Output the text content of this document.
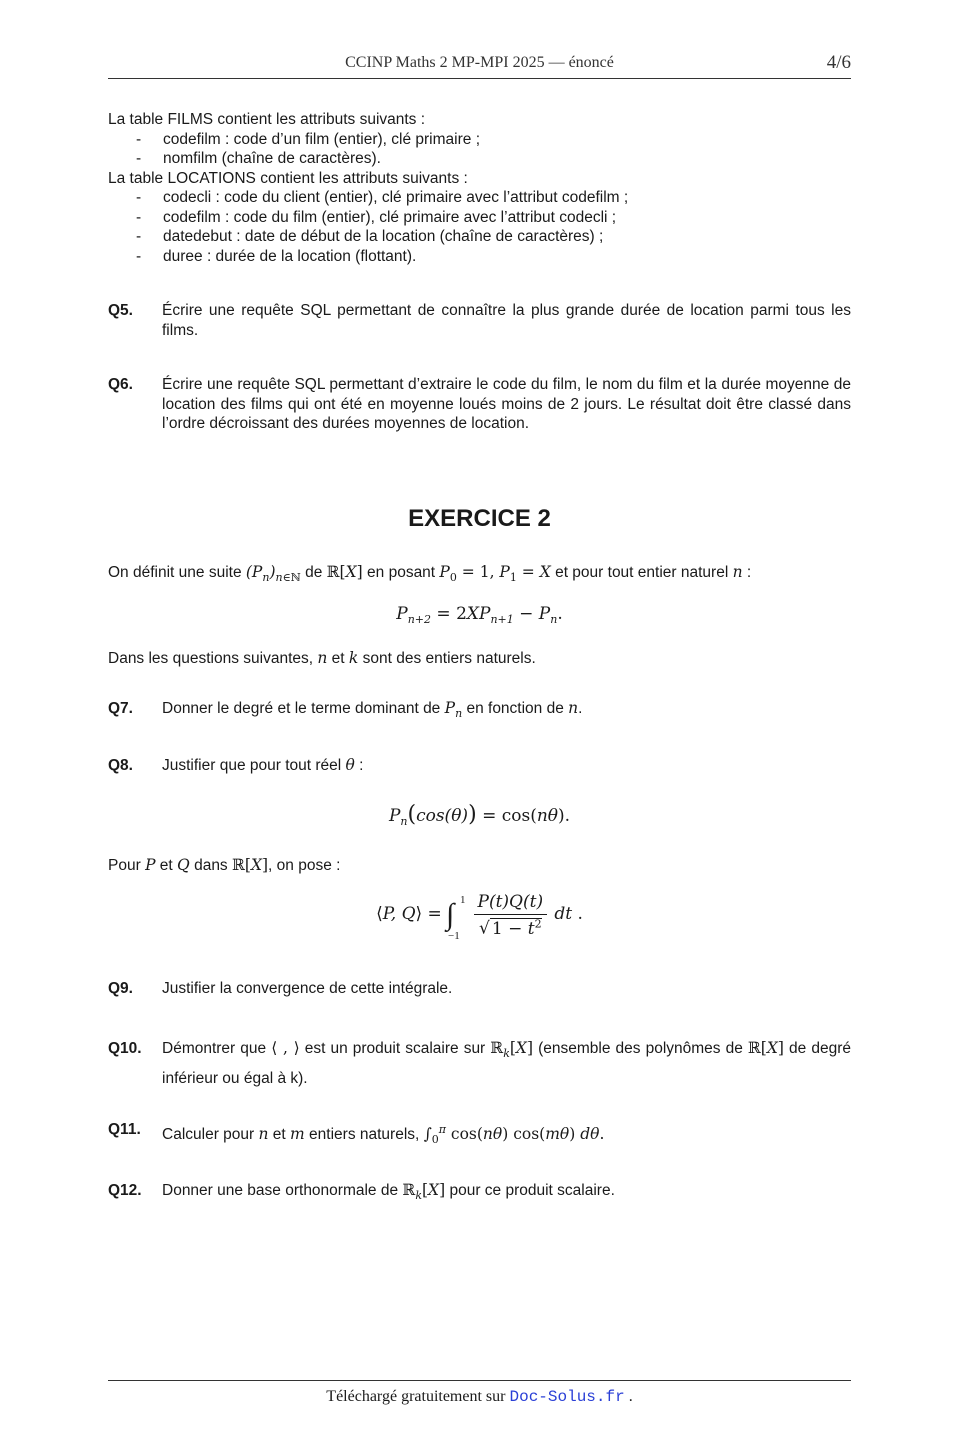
CCINP Maths 2 MP-MPI 2025 — énoncé	4/6
La table FILMS contient les attributs suivants :
- codefilm : code d’un film (entier), clé primaire ;
- nomfilm (chaîne de caractères).
La table LOCATIONS contient les attributs suivants :
- codecli : code du client (entier), clé primaire avec l’attribut codefilm ;
- codefilm : code du film (entier), clé primaire avec l’attribut codecli ;
- datedebut : date de début de la location (chaîne de caractères) ;
- duree : durée de la location (flottant).
Q5. Écrire une requête SQL permettant de connaître la plus grande durée de location parmi tous les films.
Q6. Écrire une requête SQL permettant d’extraire le code du film, le nom du film et la durée moyenne de location des films qui ont été en moyenne loués moins de 2 jours. Le résultat doit être classé dans l’ordre décroissant des durées moyennes de location.
EXERCICE 2
On définit une suite $(P_n)_{n\in ℕ}$ de ℝ[X] en posant $P_0 = 1$, $P_1 = X$ et pour tout entier naturel n :
$P_{n+2} = 2XP_{n+1} - P_n$.
Dans les questions suivantes, n et k sont des entiers naturels.
Q7. Donner le degré et le terme dominant de $P_n$ en fonction de n.
Q8. Justifier que pour tout réel θ :
$P_n(\cos(\theta)) = \cos(n\theta)$.
Pour P et Q dans ℝ[X], on pose :
⟨P, Q⟩ = ∫ 1
−1
$\frac{P(t)Q(t)}{√ 1 - t^2}$ dt .
Q9. Justifier la convergence de cette intégrale.
Q10. Démontrer que ⟨ , ⟩ est un produit scalaire sur ℝ$_k$[X] (ensemble des polynômes de ℝ[X] de degré inférieur ou égal à k).
Q11. Calculer pour n et m entiers naturels, $\int_0^\pi$ cos(nθ) cos(mθ) dθ.
Q12. Donner une base orthonormale de ℝ$_k$[X] pour ce produit scalaire.
Téléchargé gratuitement sur Doc-Solus.fr .
